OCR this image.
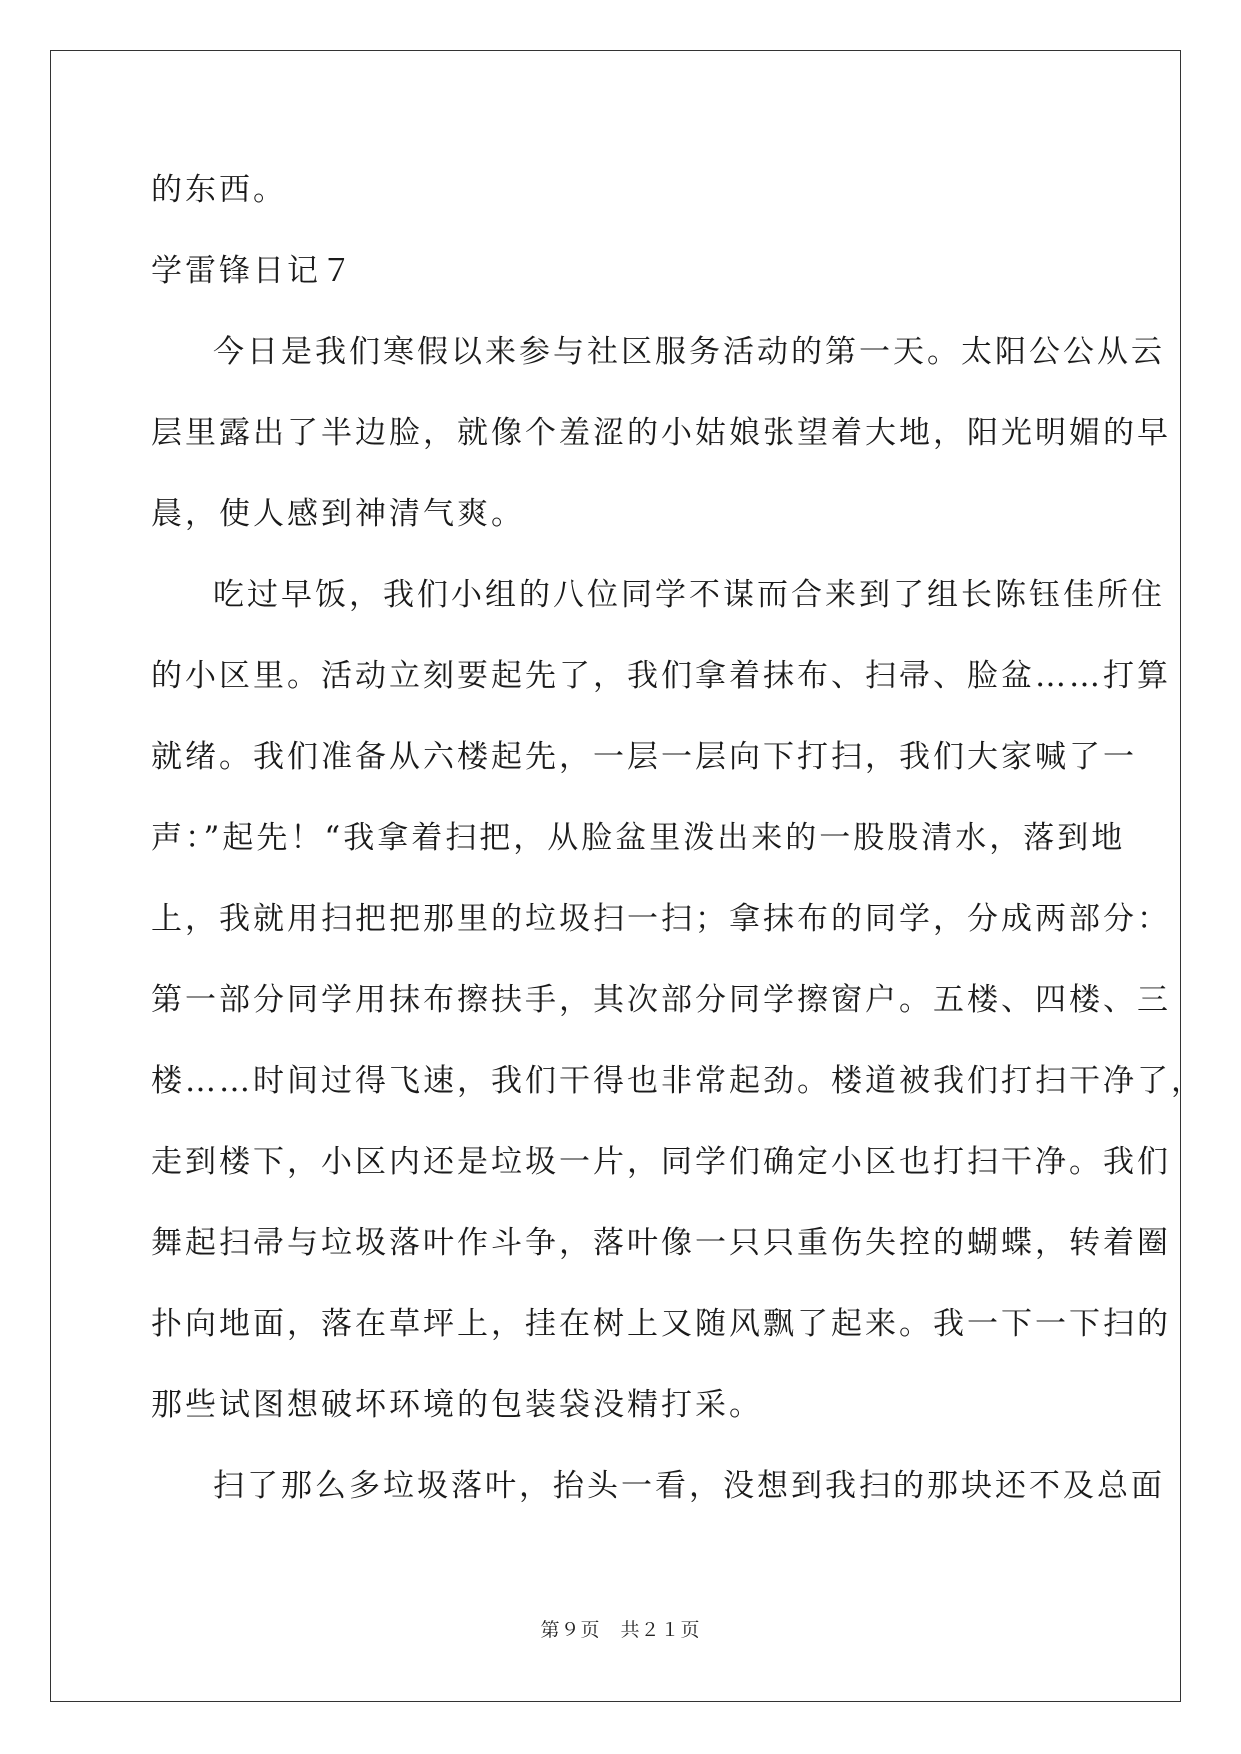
的东西。
学雷锋日记７
今日是我们寒假以来参与社区服务活动的第一天。太阳公公从云
层里露出了半边脸，就像个羞涩的小姑娘张望着大地，阳光明媚的早
晨，使人感到神清气爽。
吃过早饭，我们小组的八位同学不谋而合来到了组长陈钰佳所住
的小区里。活动立刻要起先了，我们拿着抹布、扫帚、脸盆……打算
就绪。我们准备从六楼起先，一层一层向下打扫，我们大家喊了一
声：”起先！“我拿着扫把，从脸盆里泼出来的一股股清水，落到地
上，我就用扫把把那里的垃圾扫一扫；拿抹布的同学，分成两部分：
第一部分同学用抹布擦扶手，其次部分同学擦窗户。五楼、四楼、三
楼……时间过得飞速，我们干得也非常起劲。楼道被我们打扫干净了，
走到楼下，小区内还是垃圾一片，同学们确定小区也打扫干净。我们
舞起扫帚与垃圾落叶作斗争，落叶像一只只重伤失控的蝴蝶，转着圈
扑向地面，落在草坪上，挂在树上又随风飘了起来。我一下一下扫的
那些试图想破坏环境的包装袋没精打采。
扫了那么多垃圾落叶，抬头一看，没想到我扫的那块还不及总面
第９页　共２１页
